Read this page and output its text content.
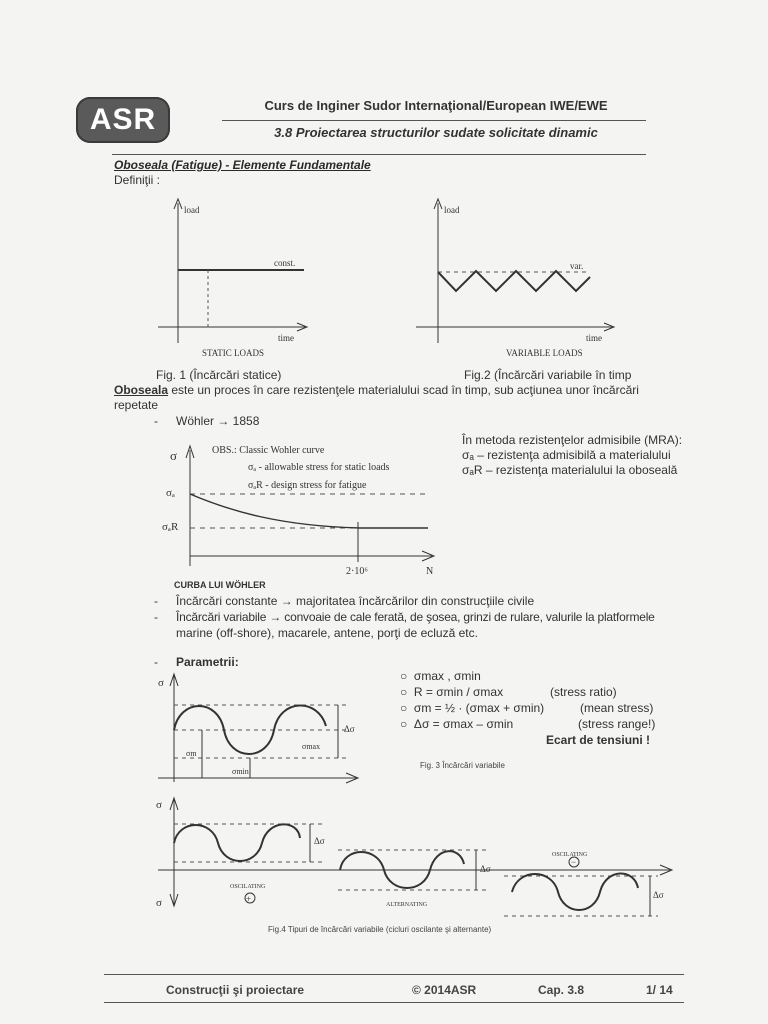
ASR	Curs de Inginer Sudor Internaţional/European IWE/EWE
3.8 Proiectarea structurilor sudate solicitate dinamic
Oboseala (Fatigue) - Elemente Fundamentale
Definiţii :
load
const.
time
STATIC LOADS
load
var.
time
VARIABLE LOADS
Fig. 1 (Încărcări statice)	Fig.2 (Încărcări variabile în timp
Oboseala este un proces în care rezistenţele materialului scad în timp, sub acţiunea unor încărcări
repetate
- Wöhler → 1858
σ
σₐ
σₐR
2·10⁶	N
OBS.: Classic Wohler curve
σₐ - allowable stress for static loads
σₐR - design stress for fatigue
CURBA LUI WÖHLER
În metoda rezistenţelor admisibile (MRA):
σₐ – rezistenţa admisibilă a materialului
σₐR – rezistenţa materialului la oboseală
- Încărcări constante → majoritatea încărcărilor din construcţiile civile
- Încărcări variabile → convoaie de cale ferată, de şosea, grinzi de rulare, valurile la platformele
marine (off-shore), macarele, antene, porţi de ecluză etc.
- Parametrii:
○ σmax , σmin
○ R = σmin / σmax	(stress ratio)
○ σm = ½ · (σmax + σmin)	(mean stress)
○ Δσ = σmax – σmin	(stress range!)
Ecart de tensiuni !
σ
σm
σmax
σmin
Δσ
Fig. 3 Încărcări variabile
Δσ
OSCILATING
+
Δσ
ALTERNATING
Δσ
OSCILATING
−
σ
σ
Fig.4 Tipuri de încărcări variabile (cicluri oscilante şi alternante)
Construcţii şi proiectare	© 2014ASR	Cap. 3.8	1/ 14
